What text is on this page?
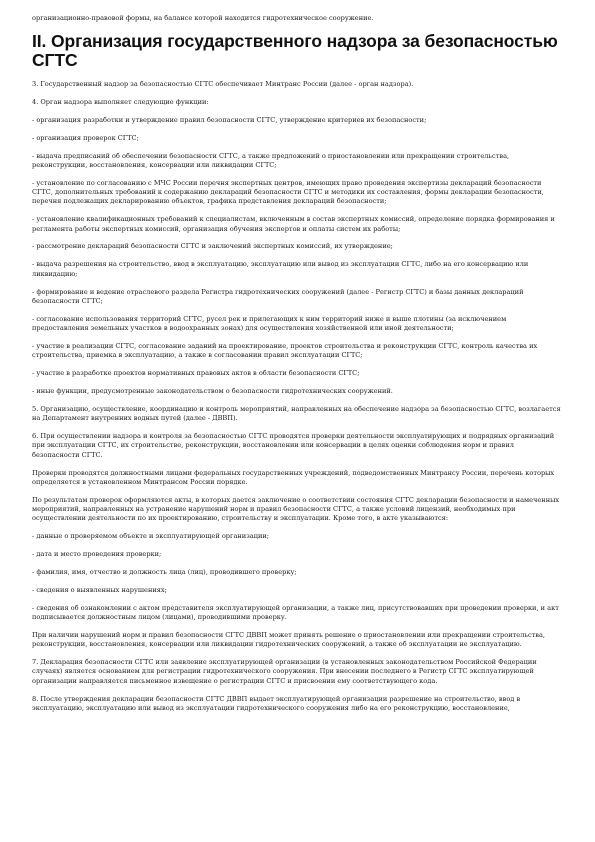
организационно-правовой формы, на балансе которой находится гидротехническое сооружение.

II. Организация государственного надзора за безопасностью СГТС

3. Государственный надзор за безопасностью СГТС обеспечивает Минтранс России (далее - орган надзора).

4. Орган надзора выполняет следующие функции:

- организация разработки и утверждение правил безопасности СГТС, утверждение критериев их безопасности;

- организация проверок СГТС;

- выдача предписаний об обеспечении безопасности СГТС, а также предложений о приостановлении или прекращении строительства, реконструкции, восстановления, консервации или ликвидации СГТС;

- установление по согласованию с МЧС России перечня экспертных центров, имеющих право проведения экспертизы деклараций безопасности СГТС, дополнительных требований к содержанию деклараций безопасности СГТС и методики их составления, формы декларации безопасности, перечня подлежащих декларированию объектов, графика представления деклараций безопасности;

- установление квалификационных требований к специалистам, включенным в состав экспертных комиссий, определение порядка формирования и регламента работы экспертных комиссий, организация обучения экспертов и оплаты систем их работы;

- рассмотрение деклараций безопасности СГТС и заключений экспертных комиссий, их утверждение;

- выдача разрешения на строительство, ввод в эксплуатацию, эксплуатацию или вывод из эксплуатации СГТС, либо на его консервацию или ликвидацию;

- формирование и ведение отраслевого раздела Регистра гидротехнических сооружений (далее - Регистр СГТС) и базы данных деклараций безопасности СГТС;

- согласование использования территорий СГТС, русел рек и прилегающих к ним территорий ниже и выше плотины (за исключением предоставления земельных участков в водоохранных зонах) для осуществления хозяйственной или иной деятельности;

- участие в реализации СГТС, согласование заданий на проектирование, проектов строительства и реконструкции СГТС, контроль качества их строительства, приемка в эксплуатацию, а также в согласовании правил эксплуатации СГТС;

- участие в разработке проектов нормативных правовых актов в области безопасности СГТС;

- иные функции, предусмотренные законодательством о безопасности гидротехнических сооружений.

5. Организацию, осуществление, координацию и контроль мероприятий, направленных на обеспечение надзора за безопасностью СГТС, возлагается на Департамент внутренних водных путей (далее - ДВВП).

6. При осуществлении надзора и контроля за безопасностью СГТС проводятся проверки деятельности эксплуатирующих и подрядных организаций при эксплуатации СГТС, их строительстве, реконструкции, восстановлении или консервации в целях оценки соблюдения норм и правил безопасности СГТС.

Проверки проводятся должностными лицами федеральных государственных учреждений, подведомственных Минтрансу России, перечень которых определяется в установленном Минтрансом России порядке.

По результатам проверок оформляются акты, в которых дается заключение о соответствии состояния СГТС декларации безопасности и намеченных мероприятий, направленных на устранение нарушений норм и правил безопасности СГТС, а также условий лицензий, необходимых при осуществлении деятельности по их проектированию, строительству и эксплуатации. Кроме того, в акте указываются:

- данные о проверяемом объекте и эксплуатирующей организации;

- дата и место проведения проверки;

- фамилия, имя, отчество и должность лица (лиц), проводившего проверку;

- сведения о выявленных нарушениях;

- сведения об ознакомлении с актом представителя эксплуатирующей организации, а также лиц, присутствовавших при проведении проверки, и акт подписывается должностным лицом (лицами), проводившими проверку.

При наличии нарушений норм и правил безопасности СГТС ДВВП может принять решение о приостановлении или прекращении строительства, реконструкции, восстановления, консервации или ликвидации гидротехнических сооружений, а также об эксплуатации не эксплуатацию.

7. Декларация безопасности СГТС или заявление эксплуатирующей организации (в установленных законодательством Российской Федерации случаях) является основанием для регистрации гидротехнического сооружения. При внесении последнего в Регистр СГТС эксплуатирующей организации направляется письменное извещение о регистрации СГТС и присвоении ему соответствующего кода.

8. После утверждения декларации безопасности СГТС ДВВП выдает эксплуатирующей организации разрешение на строительство, ввод в эксплуатацию, эксплуатацию или вывод из эксплуатации гидротехнического сооружения либо на его реконструкцию, восстановление,
